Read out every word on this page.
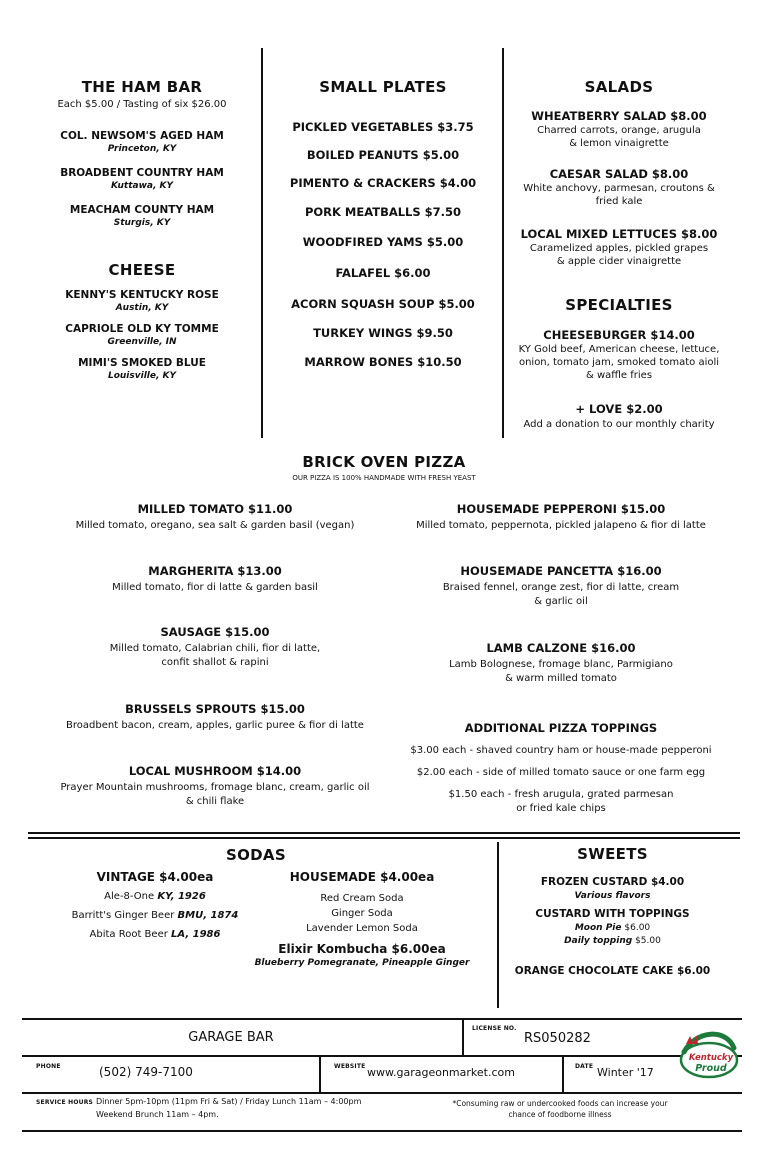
THE HAM BAR
Each $5.00 / Tasting of six $26.00
COL. NEWSOM'S AGED HAM
Princeton, KY
BROADBENT COUNTRY HAM
Kuttawa, KY
MEACHAM COUNTY HAM
Sturgis, KY
CHEESE
KENNY'S KENTUCKY ROSE
Austin, KY
CAPRIOLE OLD KY TOMME
Greenville, IN
MIMI'S SMOKED BLUE
Louisville, KY
SMALL PLATES
PICKLED VEGETABLES $3.75
BOILED PEANUTS $5.00
PIMENTO & CRACKERS $4.00
PORK MEATBALLS $7.50
WOODFIRED YAMS $5.00
FALAFEL $6.00
ACORN SQUASH SOUP $5.00
TURKEY WINGS $9.50
MARROW BONES $10.50
SALADS
WHEATBERRY SALAD $8.00
Charred carrots, orange, arugula
& lemon vinaigrette
CAESAR SALAD $8.00
White anchovy, parmesan, croutons &
fried kale
LOCAL MIXED LETTUCES $8.00
Caramelized apples, pickled grapes
& apple cider vinaigrette
SPECIALTIES
CHEESEBURGER $14.00
KY Gold beef, American cheese, lettuce,
onion, tomato jam, smoked tomato aioli
& waffle fries
+ LOVE $2.00
Add a donation to our monthly charity
BRICK OVEN PIZZA
OUR PIZZA IS 100% HANDMADE WITH FRESH YEAST
MILLED TOMATO $11.00
Milled tomato, oregano, sea salt & garden basil (vegan)
MARGHERITA $13.00
Milled tomato, fior di latte & garden basil
SAUSAGE $15.00
Milled tomato, Calabrian chili, fior di latte,
confit shallot & rapini
BRUSSELS SPROUTS $15.00
Broadbent bacon, cream, apples, garlic puree & fior di latte
LOCAL MUSHROOM $14.00
Prayer Mountain mushrooms, fromage blanc, cream, garlic oil
& chili flake
HOUSEMADE PEPPERONI $15.00
Milled tomato, peppernota, pickled jalapeno & fior di latte
HOUSEMADE PANCETTA $16.00
Braised fennel, orange zest, fior di latte, cream
& garlic oil
LAMB CALZONE $16.00
Lamb Bolognese, fromage blanc, Parmigiano
& warm milled tomato
ADDITIONAL PIZZA TOPPINGS
$3.00 each - shaved country ham or house-made pepperoni
$2.00 each - side of milled tomato sauce or one farm egg
$1.50 each - fresh arugula, grated parmesan
or fried kale chips
SODAS
VINTAGE $4.00ea
Ale-8-One KY, 1926
Barritt's Ginger Beer BMU, 1874
Abita Root Beer LA, 1986
HOUSEMADE $4.00ea
Red Cream Soda
Ginger Soda
Lavender Lemon Soda
Elixir Kombucha $6.00ea
Blueberry Pomegranate, Pineapple Ginger
SWEETS
FROZEN CUSTARD $4.00
Various flavors
CUSTARD WITH TOPPINGS
Moon Pie $6.00
Daily topping $5.00
ORANGE CHOCOLATE CAKE $6.00
GARAGE BAR
LICENSE NO.
RS050282
PHONE	(502) 749-7100	WEBSITE www.garageonmarket.com	DATE Winter '17
SERVICE HOURS Dinner 5pm-10pm (11pm Fri & Sat) / Friday Lunch 11am – 4:00pm
Weekend Brunch 11am – 4pm.
*Consuming raw or undercooked foods can increase your
chance of foodborne illness
Kentucky
Proud
